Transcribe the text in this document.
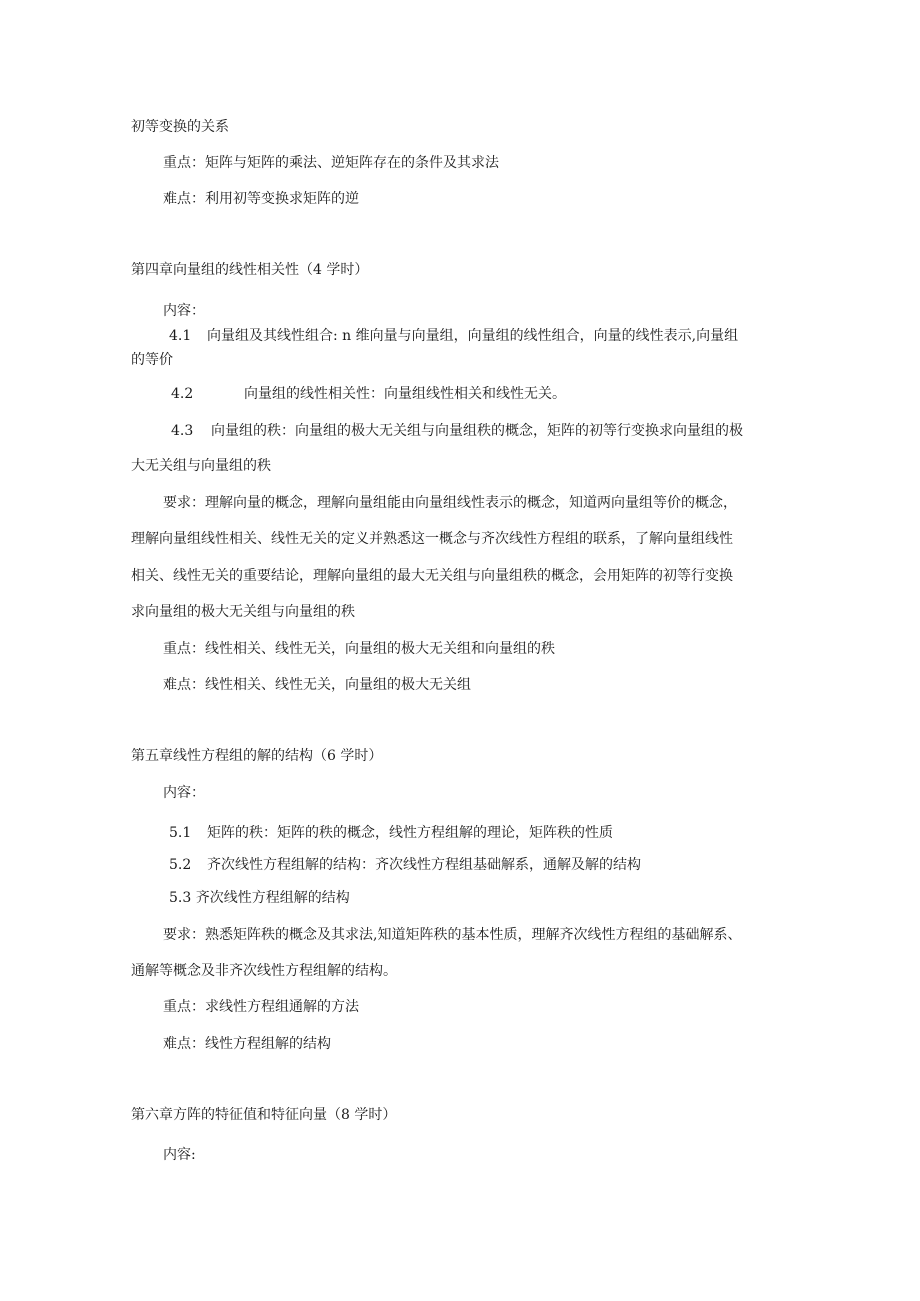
初等变换的关系
重点：矩阵与矩阵的乘法、逆矩阵存在的条件及其求法
难点：利用初等变换求矩阵的逆
第四章向量组的线性相关性（4 学时）
内容：
4.1 向量组及其线性组合: n 维向量与向量组，向量组的线性组合，向量的线性表示,向量组
的等价
4.2	向量组的线性相关性：向量组线性相关和线性无关。
4.3 向量组的秩：向量组的极大无关组与向量组秩的概念，矩阵的初等行变换求向量组的极
大无关组与向量组的秩
要求：理解向量的概念，理解向量组能由向量组线性表示的概念，知道两向量组等价的概念，
理解向量组线性相关、线性无关的定义并熟悉这一概念与齐次线性方程组的联系，了解向量组线性
相关、线性无关的重要结论，理解向量组的最大无关组与向量组秩的概念，会用矩阵的初等行变换
求向量组的极大无关组与向量组的秩
重点：线性相关、线性无关，向量组的极大无关组和向量组的秩
难点：线性相关、线性无关，向量组的极大无关组
第五章线性方程组的解的结构（6 学时）
内容：
5.1 矩阵的秩：矩阵的秩的概念，线性方程组解的理论，矩阵秩的性质
5.2 齐次线性方程组解的结构：齐次线性方程组基础解系，通解及解的结构
5.3 齐次线性方程组解的结构
要求：熟悉矩阵秩的概念及其求法,知道矩阵秩的基本性质，理解齐次线性方程组的基础解系、
通解等概念及非齐次线性方程组解的结构。
重点：求线性方程组通解的方法
难点：线性方程组解的结构
第六章方阵的特征值和特征向量（8 学时）
内容:
